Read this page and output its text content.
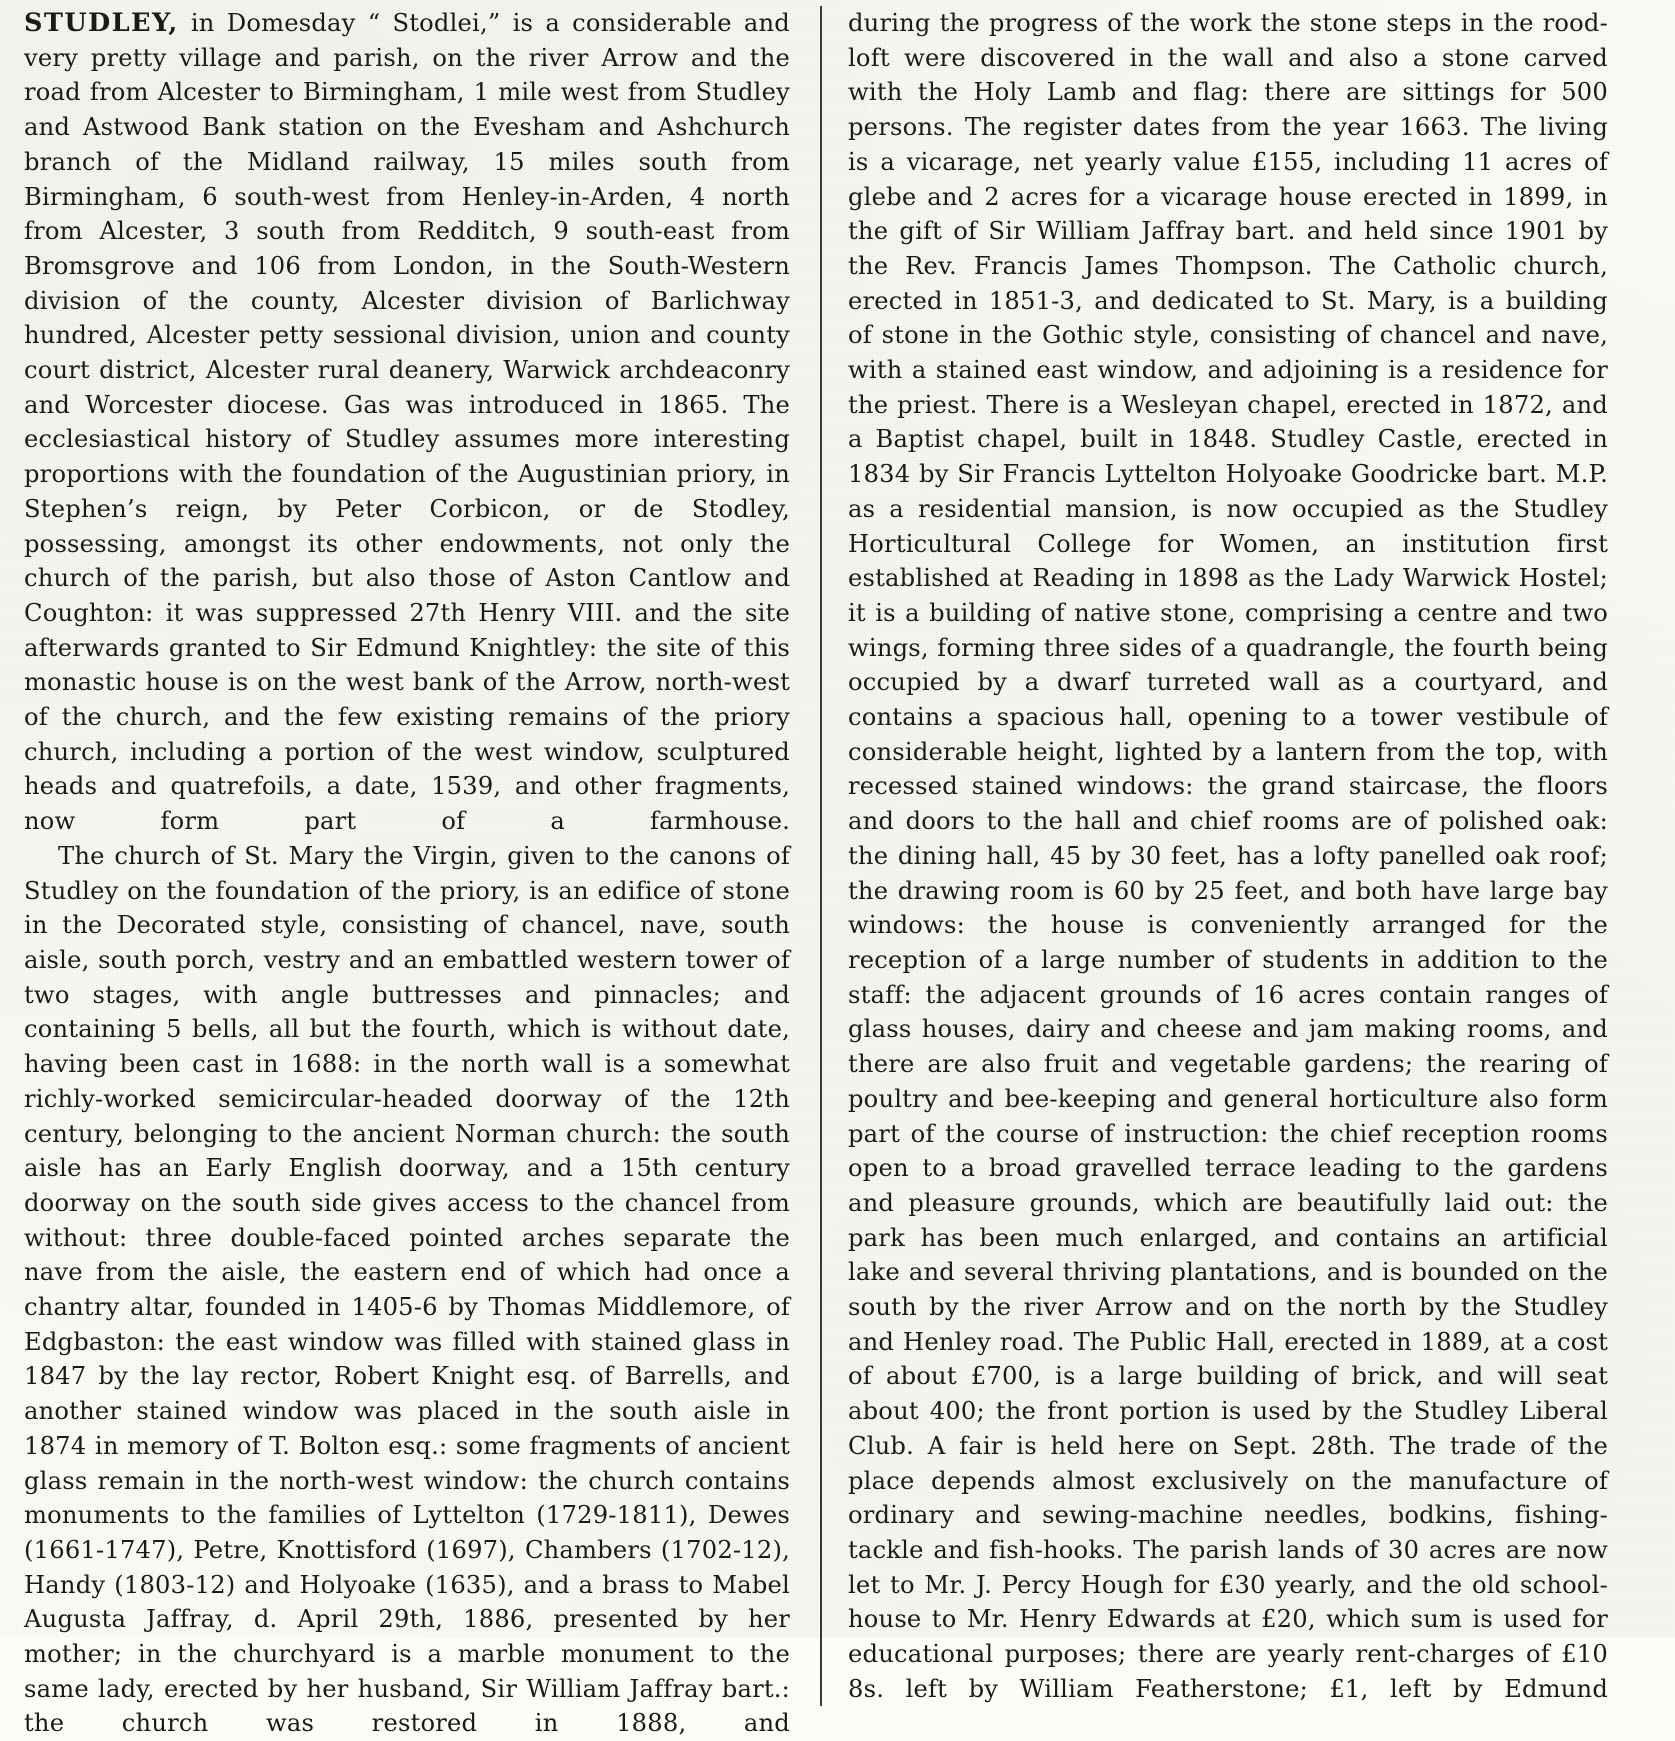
STUDLEY, in Domesday “ Stodlei,” is a considerable and very pretty village and parish, on the river Arrow and the road from Alcester to Birmingham, 1 mile west from Studley and Astwood Bank station on the Evesham and Ashchurch branch of the Midland railway, 15 miles south from Birmingham, 6 south-west from Henley-in-Arden, 4 north from Alcester, 3 south from Redditch, 9 south-east from Bromsgrove and 106 from London, in the South-Western division of the county, Alcester division of Barlichway hundred, Alcester petty sessional division, union and county court district, Alcester rural deanery, Warwick archdeaconry and Worcester diocese. Gas was introduced in 1865. The ecclesiastical history of Studley assumes more interesting proportions with the foundation of the Augustinian priory, in Stephen’s reign, by Peter Corbicon, or de Stodley, possessing, amongst its other endowments, not only the church of the parish, but also those of Aston Cantlow and Coughton: it was suppressed 27th Henry VIII. and the site afterwards granted to Sir Edmund Knightley: the site of this monastic house is on the west bank of the Arrow, north-west of the church, and the few existing remains of the priory church, including a portion of the west window, sculptured heads and quatrefoils, a date, 1539, and other fragments, now form part of a farmhouse.

The church of St. Mary the Virgin, given to the canons of Studley on the foundation of the priory, is an edifice of stone in the Decorated style, consisting of chancel, nave, south aisle, south porch, vestry and an embattled western tower of two stages, with angle buttresses and pinnacles; and containing 5 bells, all but the fourth, which is without date, having been cast in 1688: in the north wall is a somewhat richly-worked semicircular-headed doorway of the 12th century, belonging to the ancient Norman church: the south aisle has an Early English doorway, and a 15th century doorway on the south side gives access to the chancel from without: three double-faced pointed arches separate the nave from the aisle, the eastern end of which had once a chantry altar, founded in 1405-6 by Thomas Middlemore, of Edgbaston: the east window was filled with stained glass in 1847 by the lay rector, Robert Knight esq. of Barrells, and another stained window was placed in the south aisle in 1874 in memory of T. Bolton esq.: some fragments of ancient glass remain in the north-west window: the church contains monuments to the families of Lyttelton (1729-1811), Dewes (1661-1747), Petre, Knottisford (1697), Chambers (1702-12), Handy (1803-12) and Holyoake (1635), and a brass to Mabel Augusta Jaffray, d. April 29th, 1886, presented by her mother; in the churchyard is a marble monument to the same lady, erected by her husband, Sir William Jaffray bart.: the church was restored in 1888, and

during the progress of the work the stone steps in the rood-loft were discovered in the wall and also a stone carved with the Holy Lamb and flag: there are sittings for 500 persons. The register dates from the year 1663. The living is a vicarage, net yearly value £155, including 11 acres of glebe and 2 acres for a vicarage house erected in 1899, in the gift of Sir William Jaffray bart. and held since 1901 by the Rev. Francis James Thompson. The Catholic church, erected in 1851-3, and dedicated to St. Mary, is a building of stone in the Gothic style, consisting of chancel and nave, with a stained east window, and adjoining is a residence for the priest. There is a Wesleyan chapel, erected in 1872, and a Baptist chapel, built in 1848. Studley Castle, erected in 1834 by Sir Francis Lyttelton Holyoake Goodricke bart. M.P. as a residential mansion, is now occupied as the Studley Horticultural College for Women, an institution first established at Reading in 1898 as the Lady Warwick Hostel; it is a building of native stone, comprising a centre and two wings, forming three sides of a quadrangle, the fourth being occupied by a dwarf turreted wall as a courtyard, and contains a spacious hall, opening to a tower vestibule of considerable height, lighted by a lantern from the top, with recessed stained windows: the grand staircase, the floors and doors to the hall and chief rooms are of polished oak: the dining hall, 45 by 30 feet, has a lofty panelled oak roof; the drawing room is 60 by 25 feet, and both have large bay windows: the house is conveniently arranged for the reception of a large number of students in addition to the staff: the adjacent grounds of 16 acres contain ranges of glass houses, dairy and cheese and jam making rooms, and there are also fruit and vegetable gardens; the rearing of poultry and bee-keeping and general horticulture also form part of the course of instruction: the chief reception rooms open to a broad gravelled terrace leading to the gardens and pleasure grounds, which are beautifully laid out: the park has been much enlarged, and contains an artificial lake and several thriving plantations, and is bounded on the south by the river Arrow and on the north by the Studley and Henley road. The Public Hall, erected in 1889, at a cost of about £700, is a large building of brick, and will seat about 400; the front portion is used by the Studley Liberal Club. A fair is held here on Sept. 28th. The trade of the place depends almost exclusively on the manufacture of ordinary and sewing-machine needles, bodkins, fishing-tackle and fish-hooks. The parish lands of 30 acres are now let to Mr. J. Percy Hough for £30 yearly, and the old school-house to Mr. Henry Edwards at £20, which sum is used for educational purposes; there are yearly rent-charges of £10 8s. left by William Featherstone; £1, left by Edmund
